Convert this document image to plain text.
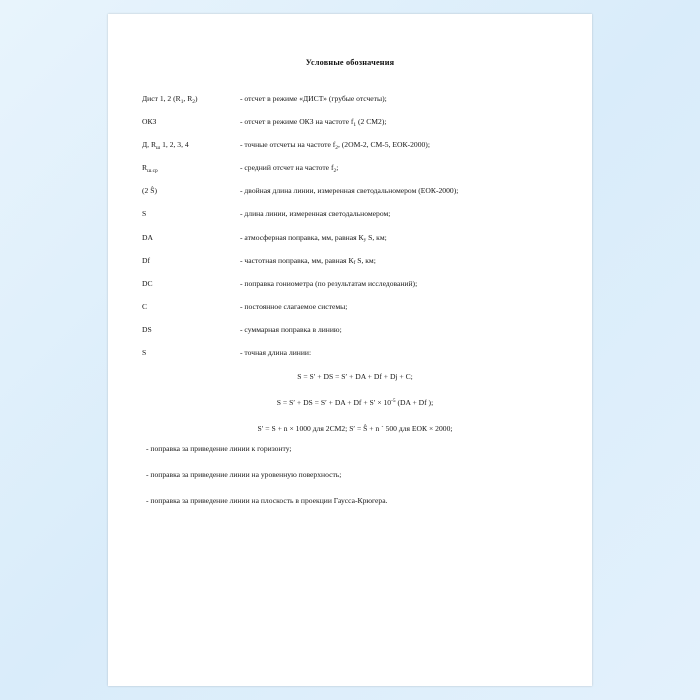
Условные обозначения
Дист 1, 2 ($R_1$, $R_2$)	- отсчет в режиме «ДИСТ» (грубые отсчеты);
ОКЗ	- отсчет в режиме ОКЗ на частоте $f_1$ (2 СМ2);
Д, $R_ш$ 1, 2, 3, 4	- точные отсчеты на частоте $f_2$, (2ОМ-2, СМ-5, ЕОК-2000);
$R_{ш.ср}$	- средний отсчет на частоте $f_2$;
(2 Ŝ)	- двойная длина линии, измеренная светодальномером (ЕОК-2000);
S	- длина линии, измеренная светодальномером;
DA	- атмосферная поправка, мм, равная $К_у$ S, км;
Df	- частотная поправка, мм, равная $К_f$ S, км;
DC	- поправка гониометра (по результатам исследований);
C	- постоянное слагаемое системы;
DS	- суммарная поправка в линию;
S	- точная длина линии:
S = S′ + DS = S′ + DA + Df + Dj + C;
S = S′ + DS = S′ + DA + $Df + S' \times 10^{-5}$ (DA + Df );
S′ = S + n × 1000 для 2СМ2; S′ = Ŝ + n ˊ 500 для ЕОК × 2000;
- поправка за приведение линии к горизонту;
- поправка за приведение линии на уровенную поверхность;
- поправка за приведение линии на плоскость в проекции Гаусса-Крюгера.
